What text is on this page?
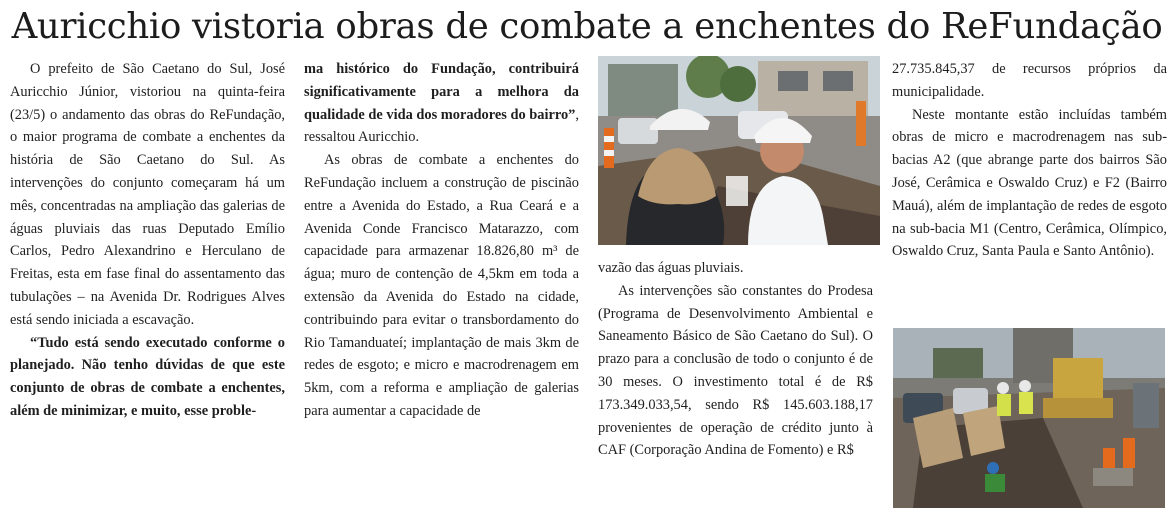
Auricchio vistoria obras de combate a enchentes do ReFundação

O prefeito de São Caetano do Sul, José Auricchio Júnior, vistoriou na quinta-feira (23/5) o andamento das obras do ReFundação, o maior programa de combate a enchentes da história de São Caetano do Sul. As intervenções do conjunto começaram há um mês, concentradas na ampliação das galerias de águas pluviais das ruas Deputado Emílio Carlos, Pedro Alexandrino e Herculano de Freitas, esta em fase final do assentamento das tubulações – na Avenida Dr. Rodrigues Alves está sendo iniciada a escavação.

“Tudo está sendo executado conforme o planejado. Não tenho dúvidas de que este conjunto de obras de combate a enchentes, além de minimizar, e muito, esse proble-

ma histórico do Fundação, contribuirá significativamente para a melhora da qualidade de vida dos moradores do bairro”, ressaltou Auricchio.

As obras de combate a enchentes do ReFundação incluem a construção de piscinão entre a Avenida do Estado, a Rua Ceará e a Avenida Conde Francisco Matarazzo, com capacidade para armazenar 18.826,80 m³ de água; muro de contenção de 4,5km em toda a extensão da Avenida do Estado na cidade, contribuindo para evitar o transbordamento do Rio Tamanduateí; implantação de mais 3km de redes de esgoto; e micro e macrodrenagem em 5km, com a reforma e ampliação de galerias para aumentar a capacidade de

vazão das águas pluviais.

As intervenções são constantes do Prodesa (Programa de Desenvolvimento Ambiental e Saneamento Básico de São Caetano do Sul). O prazo para a conclusão de todo o conjunto é de 30 meses. O investimento total é de R$ 173.349.033,54, sendo R$ 145.603.188,17 provenientes de operação de crédito junto à CAF (Corporação Andina de Fomento) e R$

27.735.845,37 de recursos próprios da municipalidade.

Neste montante estão incluídas também obras de micro e macrodrenagem nas sub-bacias A2 (que abrange parte dos bairros São José, Cerâmica e Oswaldo Cruz) e F2 (Bairro Mauá), além de implantação de redes de esgoto na sub-bacia M1 (Centro, Cerâmica, Olímpico, Oswaldo Cruz, Santa Paula e Santo Antônio).
